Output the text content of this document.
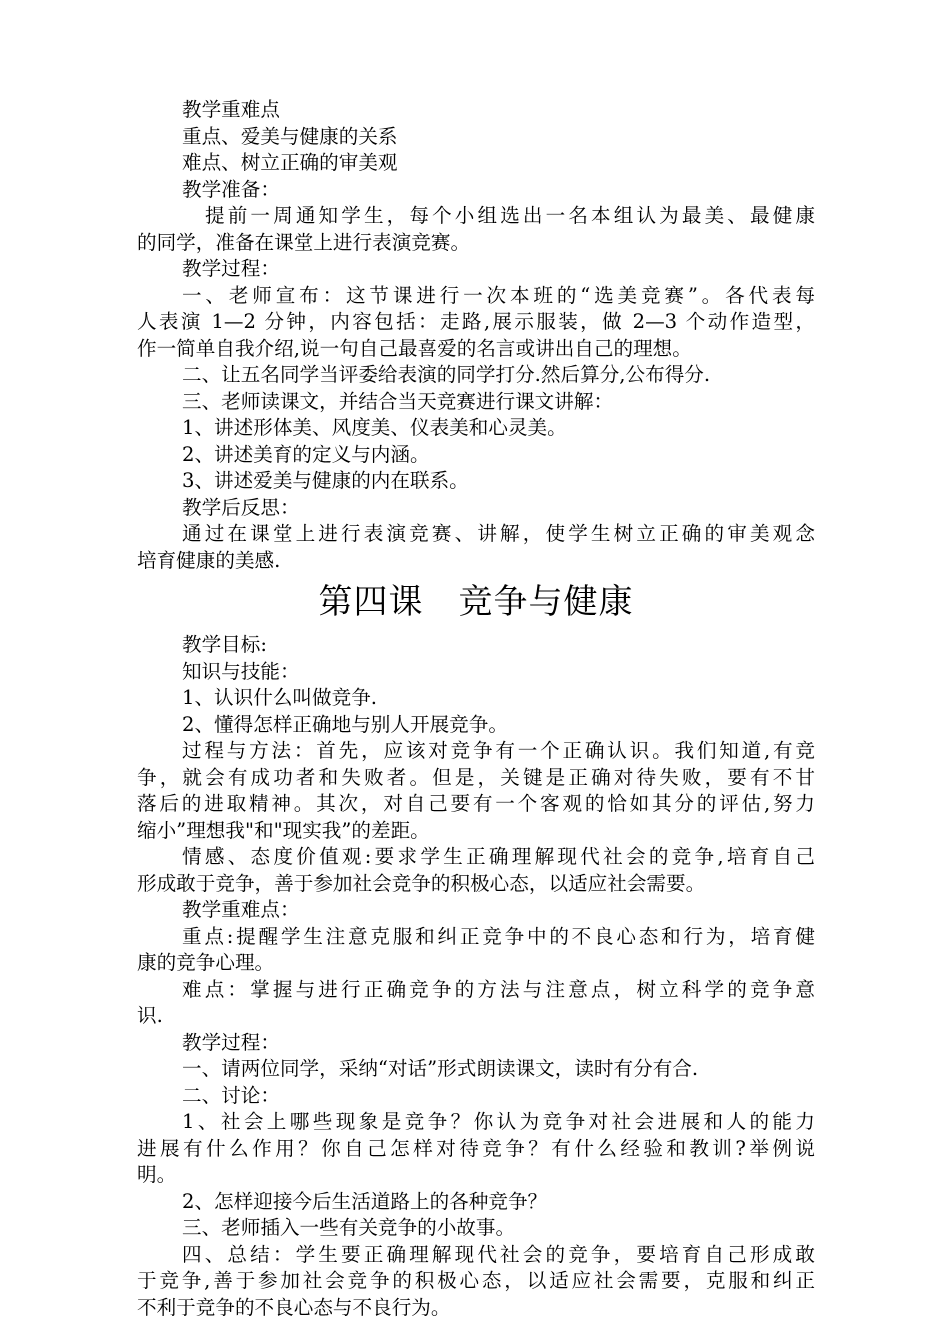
教学重难点

重点、爱美与健康的关系

难点、树立正确的审美观

教学准备：

提前一周通知学生，每个小组选出一名本组认为最美、最健康

的同学，准备在课堂上进行表演竞赛。

教学过程：

一、老师宣布：这节课进行一次本班的“选美竞赛”。各代表每

人表演 1—2 分钟，内容包括：走路,展示服装，做 2—3 个动作造型，

作一简单自我介绍,说一句自己最喜爱的名言或讲出自己的理想。

二、让五名同学当评委给表演的同学打分.然后算分,公布得分.

三、老师读课文，并结合当天竞赛进行课文讲解：

1、讲述形体美、风度美、仪表美和心灵美。

2、讲述美育的定义与内涵。

3、讲述爱美与健康的内在联系。

教学后反思：

通过在课堂上进行表演竞赛、讲解，使学生树立正确的审美观念

培育健康的美感.

第四课　竞争与健康

教学目标:

知识与技能：

1、认识什么叫做竞争.

2、懂得怎样正确地与别人开展竞争。

过程与方法：首先，应该对竞争有一个正确认识。我们知道,有竞

争，就会有成功者和失败者。但是，关键是正确对待失败，要有不甘

落后的进取精神。其次，对自己要有一个客观的恰如其分的评估,努力

缩小”理想我"和"现实我”的差距。

情感、态度价值观:要求学生正确理解现代社会的竞争,培育自己

形成敢于竞争，善于参加社会竞争的积极心态，以适应社会需要。

教学重难点：

重点:提醒学生注意克服和纠正竞争中的不良心态和行为，培育健

康的竞争心理。

难点：掌握与进行正确竞争的方法与注意点，树立科学的竞争意

识.

教学过程：

一、请两位同学，采纳“对话”形式朗读课文，读时有分有合.

二、讨论：

1、社会上哪些现象是竞争？你认为竞争对社会进展和人的能力

进展有什么作用？你自己怎样对待竞争？有什么经验和教训?举例说

明。

2、怎样迎接今后生活道路上的各种竞争？

三、老师插入一些有关竞争的小故事。

四、总结：学生要正确理解现代社会的竞争，要培育自己形成敢

于竞争,善于参加社会竞争的积极心态，以适应社会需要，克服和纠正

不利于竞争的不良心态与不良行为。
